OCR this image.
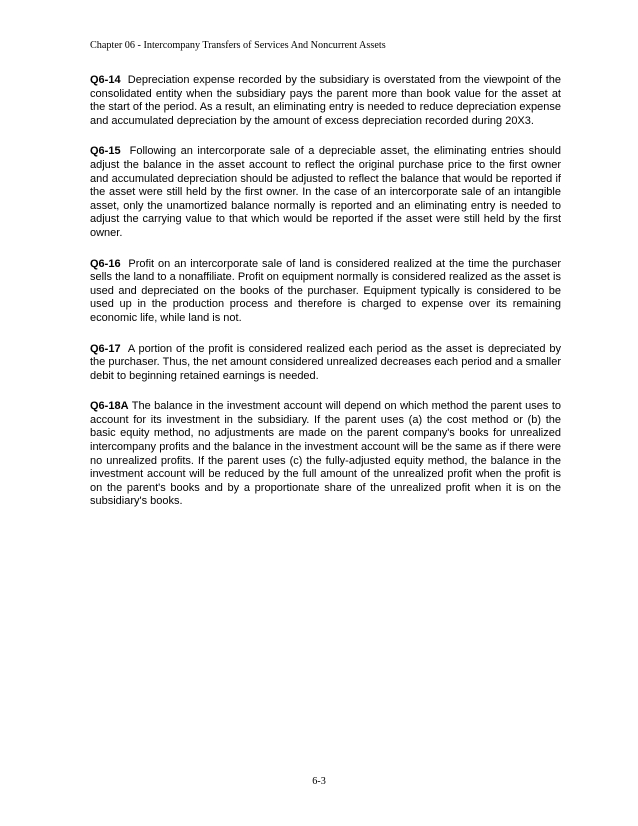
Chapter 06 - Intercompany Transfers of Services And Noncurrent Assets

Q6-14 Depreciation expense recorded by the subsidiary is overstated from the viewpoint of the consolidated entity when the subsidiary pays the parent more than book value for the asset at the start of the period. As a result, an eliminating entry is needed to reduce depreciation expense and accumulated depreciation by the amount of excess depreciation recorded during 20X3.

Q6-15 Following an intercorporate sale of a depreciable asset, the eliminating entries should adjust the balance in the asset account to reflect the original purchase price to the first owner and accumulated depreciation should be adjusted to reflect the balance that would be reported if the asset were still held by the first owner. In the case of an intercorporate sale of an intangible asset, only the unamortized balance normally is reported and an eliminating entry is needed to adjust the carrying value to that which would be reported if the asset were still held by the first owner.

Q6-16 Profit on an intercorporate sale of land is considered realized at the time the purchaser sells the land to a nonaffiliate. Profit on equipment normally is considered realized as the asset is used and depreciated on the books of the purchaser. Equipment typically is considered to be used up in the production process and therefore is charged to expense over its remaining economic life, while land is not.

Q6-17 A portion of the profit is considered realized each period as the asset is depreciated by the purchaser. Thus, the net amount considered unrealized decreases each period and a smaller debit to beginning retained earnings is needed.

Q6-18A The balance in the investment account will depend on which method the parent uses to account for its investment in the subsidiary. If the parent uses (a) the cost method or (b) the basic equity method, no adjustments are made on the parent company's books for unrealized intercompany profits and the balance in the investment account will be the same as if there were no unrealized profits. If the parent uses (c) the fully-adjusted equity method, the balance in the investment account will be reduced by the full amount of the unrealized profit when the profit is on the parent's books and by a proportionate share of the unrealized profit when it is on the subsidiary's books.

6-3
